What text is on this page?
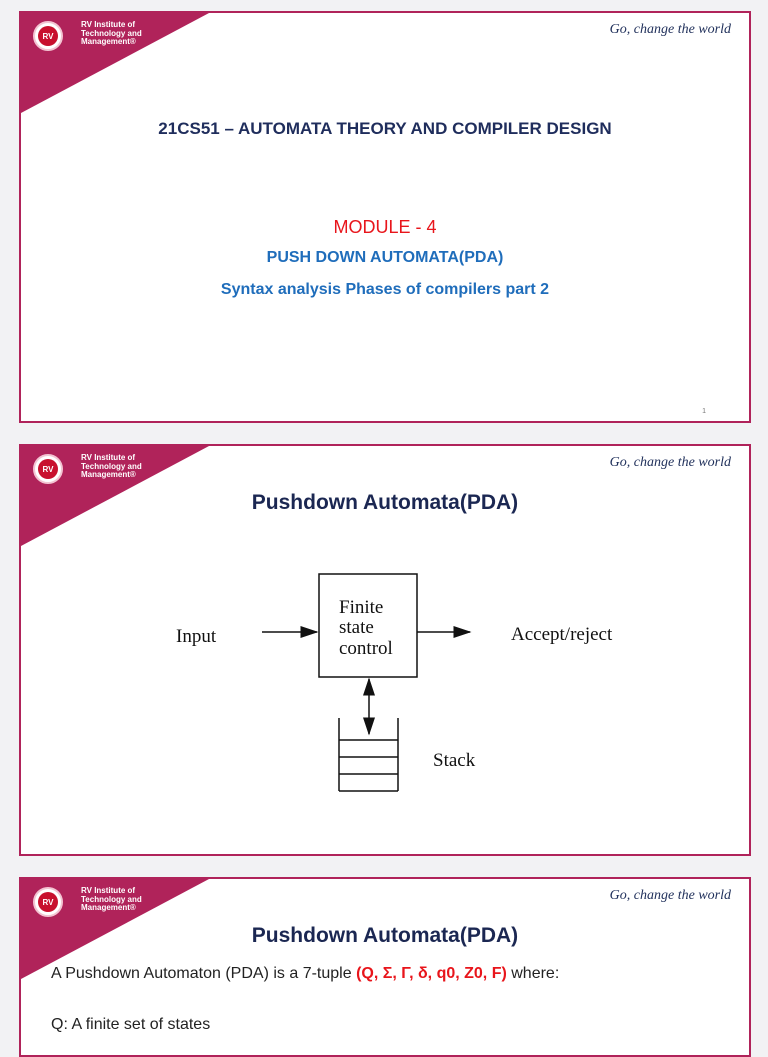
RV
RV Institute of
Technology and
Management®
Go, change the world
21CS51 – AUTOMATA THEORY AND COMPILER DESIGN
MODULE - 4
PUSH DOWN AUTOMATA(PDA)
Syntax analysis Phases of compilers part 2
1
RV
RV Institute of
Technology and
Management®
Go, change the world
Pushdown Automata(PDA)
Input
Finite
state
control
Accept/reject
Stack
RV
RV Institute of
Technology and
Management®
Go, change the world
Pushdown Automata(PDA)
A Pushdown Automaton (PDA) is a 7-tuple (Q, Σ, Γ, δ, q0, Z0, F) where:
Q: A finite set of states
